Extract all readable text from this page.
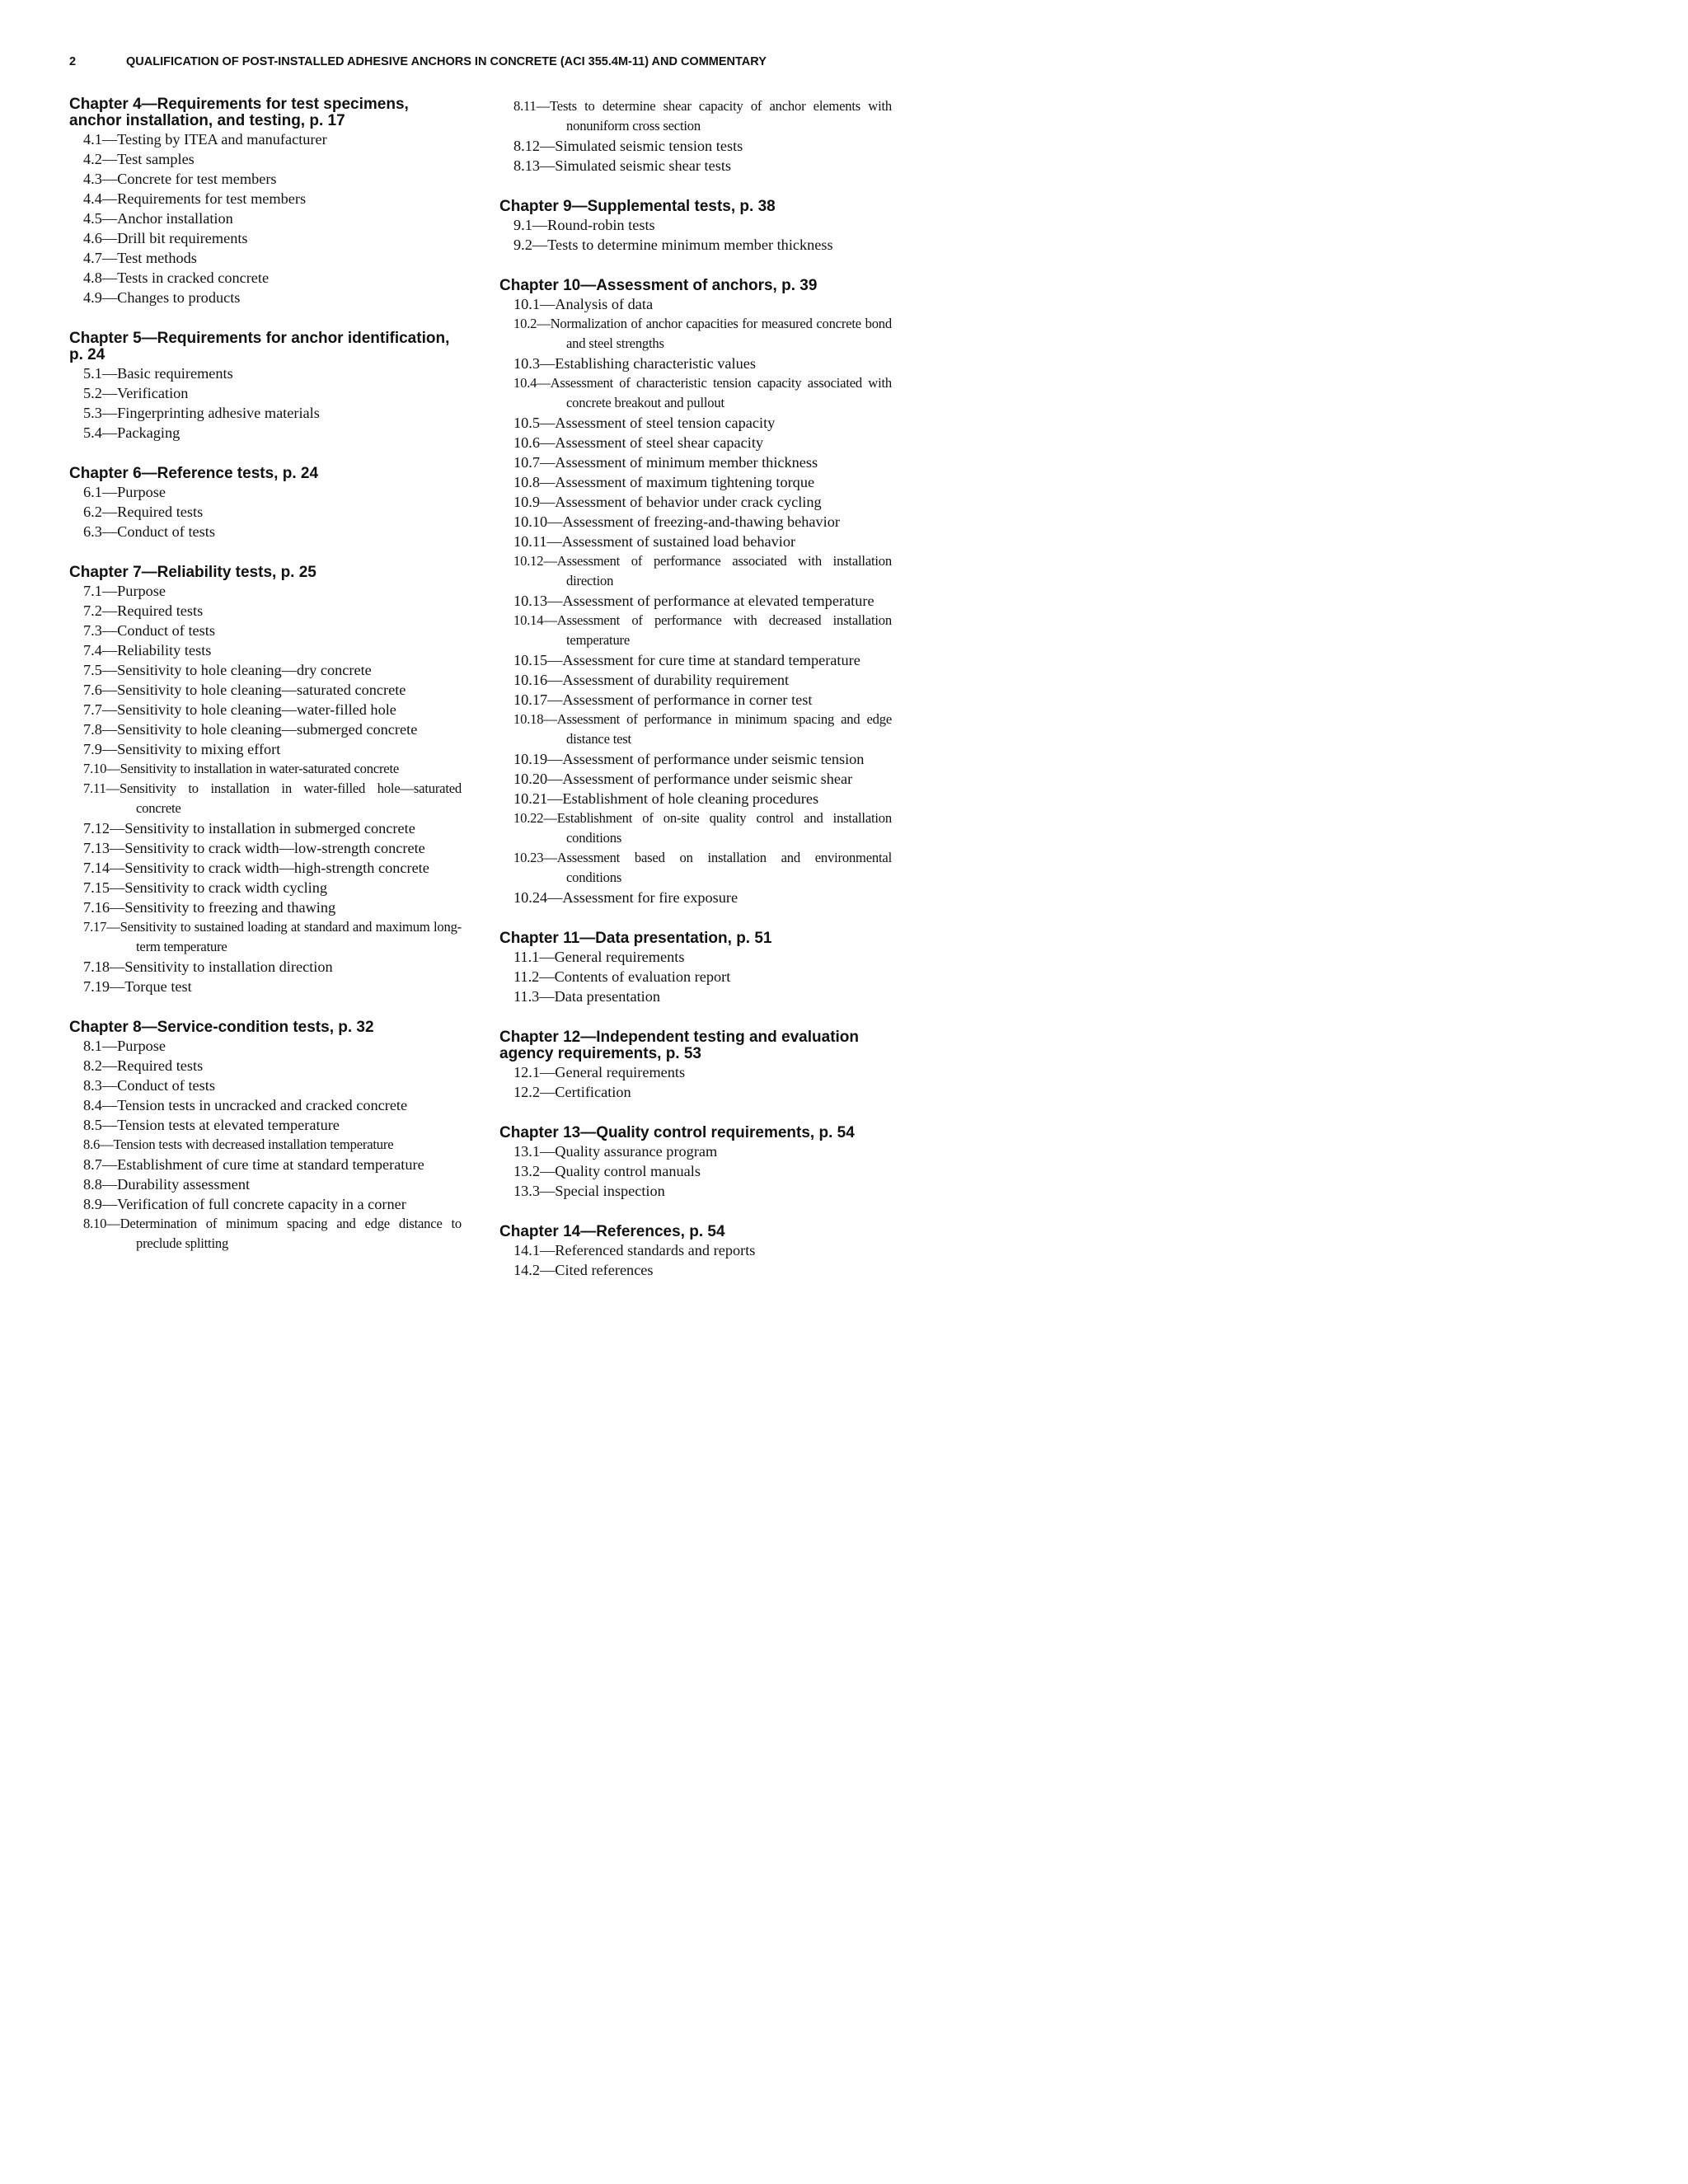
2	QUALIFICATION OF POST-INSTALLED ADHESIVE ANCHORS IN CONCRETE (ACI 355.4M-11) AND COMMENTARY
Chapter 4—Requirements for test specimens, anchor installation, and testing, p. 17
4.1—Testing by ITEA and manufacturer
4.2—Test samples
4.3—Concrete for test members
4.4—Requirements for test members
4.5—Anchor installation
4.6—Drill bit requirements
4.7—Test methods
4.8—Tests in cracked concrete
4.9—Changes to products
Chapter 5—Requirements for anchor identification, p. 24
5.1—Basic requirements
5.2—Verification
5.3—Fingerprinting adhesive materials
5.4—Packaging
Chapter 6—Reference tests, p. 24
6.1—Purpose
6.2—Required tests
6.3—Conduct of tests
Chapter 7—Reliability tests, p. 25
7.1—Purpose
7.2—Required tests
7.3—Conduct of tests
7.4—Reliability tests
7.5—Sensitivity to hole cleaning—dry concrete
7.6—Sensitivity to hole cleaning—saturated concrete
7.7—Sensitivity to hole cleaning—water-filled hole
7.8—Sensitivity to hole cleaning—submerged concrete
7.9—Sensitivity to mixing effort
7.10—Sensitivity to installation in water-saturated concrete
7.11—Sensitivity to installation in water-filled hole—saturated concrete
7.12—Sensitivity to installation in submerged concrete
7.13—Sensitivity to crack width—low-strength concrete
7.14—Sensitivity to crack width—high-strength concrete
7.15—Sensitivity to crack width cycling
7.16—Sensitivity to freezing and thawing
7.17—Sensitivity to sustained loading at standard and maximum long-term temperature
7.18—Sensitivity to installation direction
7.19—Torque test
Chapter 8—Service-condition tests, p. 32
8.1—Purpose
8.2—Required tests
8.3—Conduct of tests
8.4—Tension tests in uncracked and cracked concrete
8.5—Tension tests at elevated temperature
8.6—Tension tests with decreased installation temperature
8.7—Establishment of cure time at standard temperature
8.8—Durability assessment
8.9—Verification of full concrete capacity in a corner
8.10—Determination of minimum spacing and edge distance to preclude splitting
8.11—Tests to determine shear capacity of anchor elements with nonuniform cross section
8.12—Simulated seismic tension tests
8.13—Simulated seismic shear tests
Chapter 9—Supplemental tests, p. 38
9.1—Round-robin tests
9.2—Tests to determine minimum member thickness
Chapter 10—Assessment of anchors, p. 39
10.1—Analysis of data
10.2—Normalization of anchor capacities for measured concrete bond and steel strengths
10.3—Establishing characteristic values
10.4—Assessment of characteristic tension capacity associated with concrete breakout and pullout
10.5—Assessment of steel tension capacity
10.6—Assessment of steel shear capacity
10.7—Assessment of minimum member thickness
10.8—Assessment of maximum tightening torque
10.9—Assessment of behavior under crack cycling
10.10—Assessment of freezing-and-thawing behavior
10.11—Assessment of sustained load behavior
10.12—Assessment of performance associated with installation direction
10.13—Assessment of performance at elevated temperature
10.14—Assessment of performance with decreased installation temperature
10.15—Assessment for cure time at standard temperature
10.16—Assessment of durability requirement
10.17—Assessment of performance in corner test
10.18—Assessment of performance in minimum spacing and edge distance test
10.19—Assessment of performance under seismic tension
10.20—Assessment of performance under seismic shear
10.21—Establishment of hole cleaning procedures
10.22—Establishment of on-site quality control and installation conditions
10.23—Assessment based on installation and environmental conditions
10.24—Assessment for fire exposure
Chapter 11—Data presentation, p. 51
11.1—General requirements
11.2—Contents of evaluation report
11.3—Data presentation
Chapter 12—Independent testing and evaluation agency requirements, p. 53
12.1—General requirements
12.2—Certification
Chapter 13—Quality control requirements, p. 54
13.1—Quality assurance program
13.2—Quality control manuals
13.3—Special inspection
Chapter 14—References, p. 54
14.1—Referenced standards and reports
14.2—Cited references
